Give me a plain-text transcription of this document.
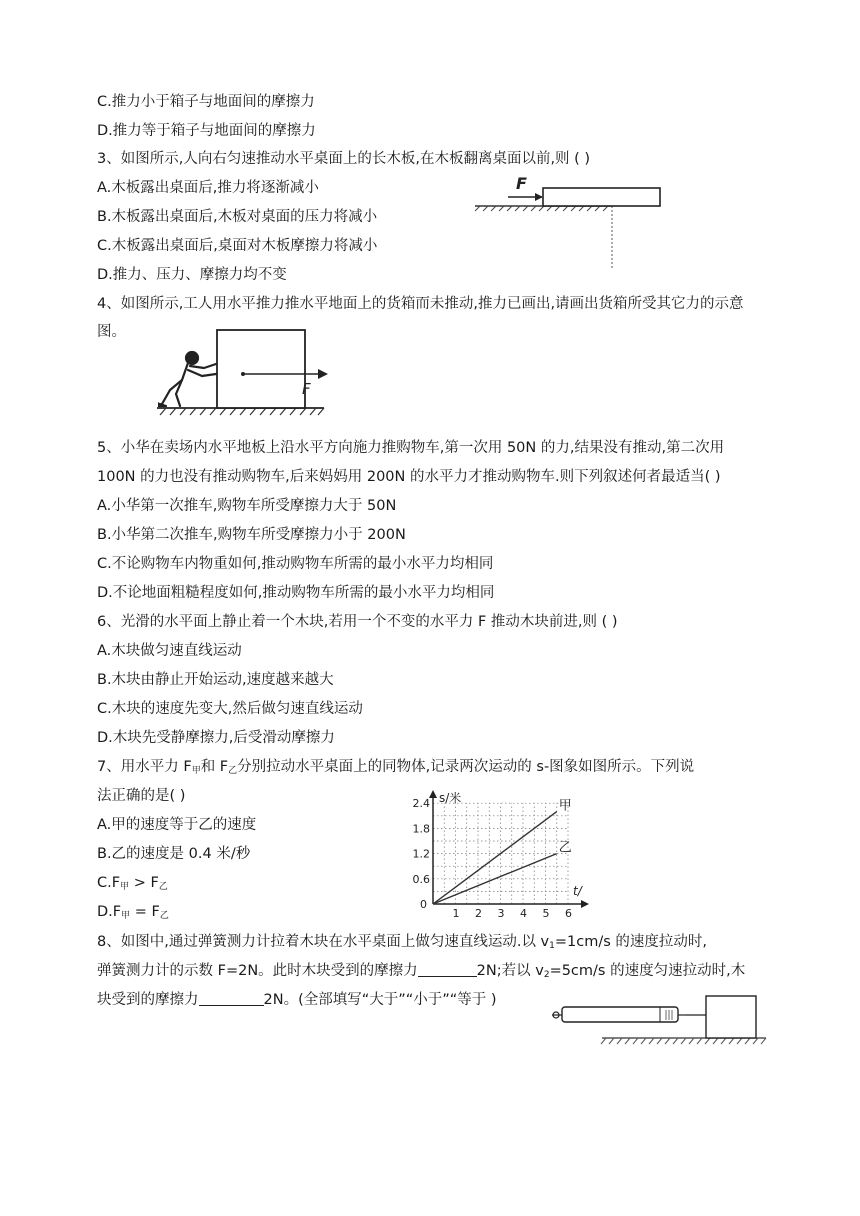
C.推力小于箱子与地面间的摩擦力
D.推力等于箱子与地面间的摩擦力
3、如图所示,人向右匀速推动水平桌面上的长木板,在木板翻离桌面以前,则 ( )
A.木板露出桌面后,推力将逐渐减小
B.木板露出桌面后,木板对桌面的压力将减小
C.木板露出桌面后,桌面对木板摩擦力将减小
D.推力、压力、摩擦力均不变
F
4、如图所示,工人用水平推力推水平地面上的货箱而未推动,推力已画出,请画出货箱所受其它力的示意
图。
F
5、小华在卖场内水平地板上沿水平方向施力推购物车,第一次用 50N 的力,结果没有推动,第二次用
100N 的力也没有推动购物车,后来妈妈用 200N 的水平力才推动购物车.则下列叙述何者最适当( )
A.小华第一次推车,购物车所受摩擦力大于 50N
B.小华第二次推车,购物车所受摩擦力小于 200N
C.不论购物车内物重如何,推动购物车所需的最小水平力均相同
D.不论地面粗糙程度如何,推动购物车所需的最小水平力均相同
6、光滑的水平面上静止着一个木块,若用一个不变的水平力 F 推动木块前进,则 ( )
A.木块做匀速直线运动
B.木块由静止开始运动,速度越来越大
C.木块的速度先变大,然后做匀速直线运动
D.木块先受静摩擦力,后受滑动摩擦力
7、用水平力 $F_甲$和 $F_乙$分别拉动水平桌面上的同物体,记录两次运动的 s-图象如图所示。下列说
法正确的是( )
A.甲的速度等于乙的速度
B.乙的速度是 0.4 米/秒
$C.F_甲 > F_乙$
$D.F_甲 = F_乙$	1 2 3 4 5 6
0.6
1.2
1.8
2.4	甲
乙
s/米
t/
0
8、如图中,通过弹簧测力计拉着木块在水平桌面上做匀速直线运动.以 $v_1=1cm/s$ 的速度拉动时,
弹簧测力计的示数 F=2N。此时木块受到的摩擦力	2N;若以 $v_2=5cm/s$ 的速度匀速拉动时,木
块受到的摩擦力	2N。(全部填写“大于”“小于”“等于 )
